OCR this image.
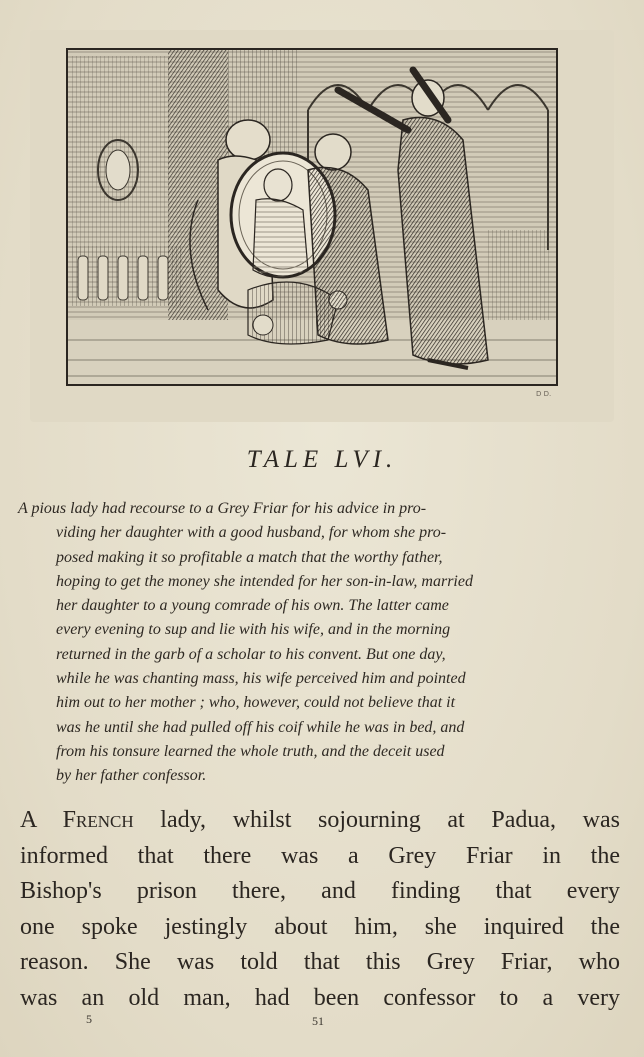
D D.
TALE LVI.
A pious lady had recourse to a Grey Friar for his advice in pro-
viding her daughter with a good husband, for whom she pro-
posed making it so profitable a match that the worthy father,
hoping to get the money she intended for her son-in-law, married
her daughter to a young comrade of his own. The latter came
every evening to sup and lie with his wife, and in the morning
returned in the garb of a scholar to his convent. But one day,
while he was chanting mass, his wife perceived him and pointed
him out to her mother ; who, however, could not believe that it
was he until she had pulled off his coif while he was in bed, and
from his tonsure learned the whole truth, and the deceit used
by her father confessor.
A French lady, whilst sojourning at Padua, was
informed that there was a Grey Friar in the
Bishop's prison there, and finding that every
one spoke jestingly about him, she inquired the
reason. She was told that this Grey Friar, who
was an old man, had been confessor to a very
5	51
